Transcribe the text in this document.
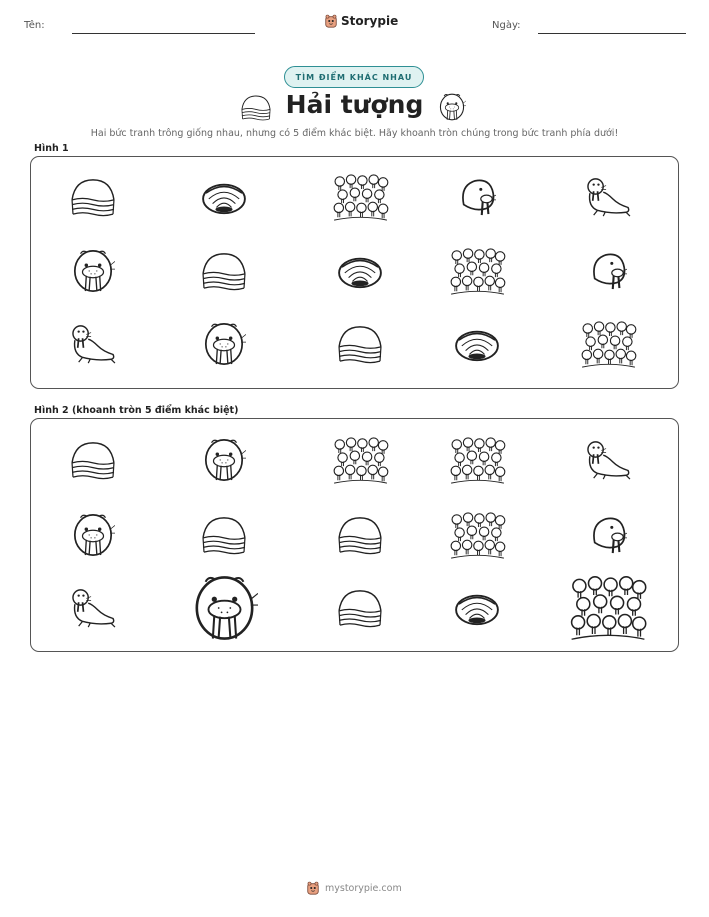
Tên:	Storypie	Ngày:
TÌM ĐIỂM KHÁC NHAU
Hải tượng
Hai bức tranh trông giống nhau, nhưng có 5 điểm khác biệt. Hãy khoanh tròn chúng trong bức tranh phía dưới!
Hình 1
Hình 2 (khoanh tròn 5 điểm khác biệt)
mystorypie.com
